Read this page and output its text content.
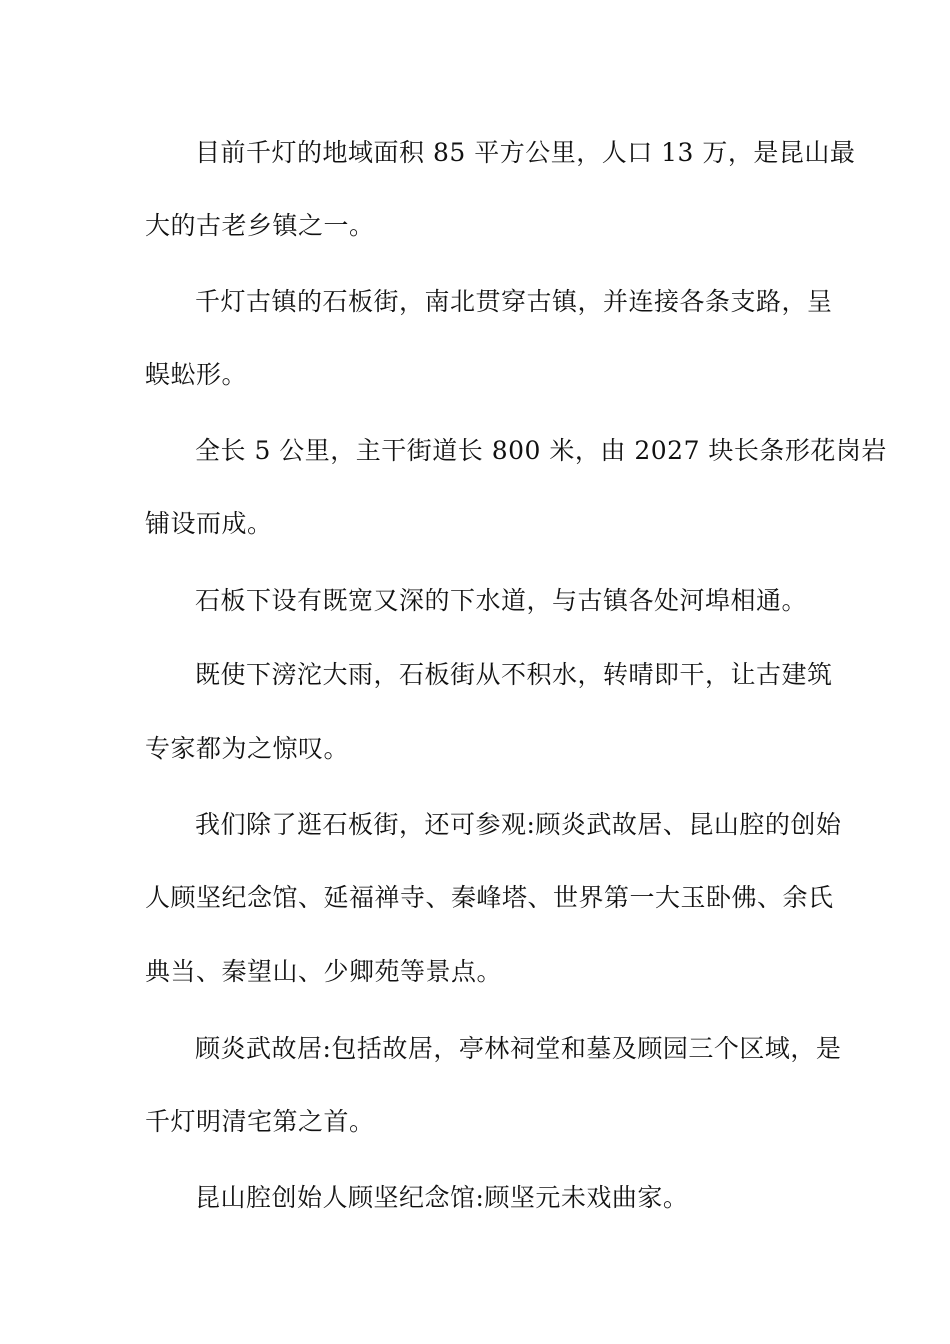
目前千灯的地域面积 85 平方公里，人口 13 万，是昆山最
大的古老乡镇之一。
千灯古镇的石板街，南北贯穿古镇，并连接各条支路，呈
蜈蚣形。
全长 5 公里，主干街道长 800 米，由 2027 块长条形花岗岩
铺设而成。
石板下设有既宽又深的下水道，与古镇各处河埠相通。
既使下滂沱大雨，石板街从不积水，转晴即干，让古建筑
专家都为之惊叹。
我们除了逛石板街，还可参观:顾炎武故居、昆山腔的创始
人顾坚纪念馆、延福禅寺、秦峰塔、世界第一大玉卧佛、余氏
典当、秦望山、少卿苑等景点。
顾炎武故居:包括故居，亭林祠堂和墓及顾园三个区域，是
千灯明清宅第之首。
昆山腔创始人顾坚纪念馆:顾坚元未戏曲家。
